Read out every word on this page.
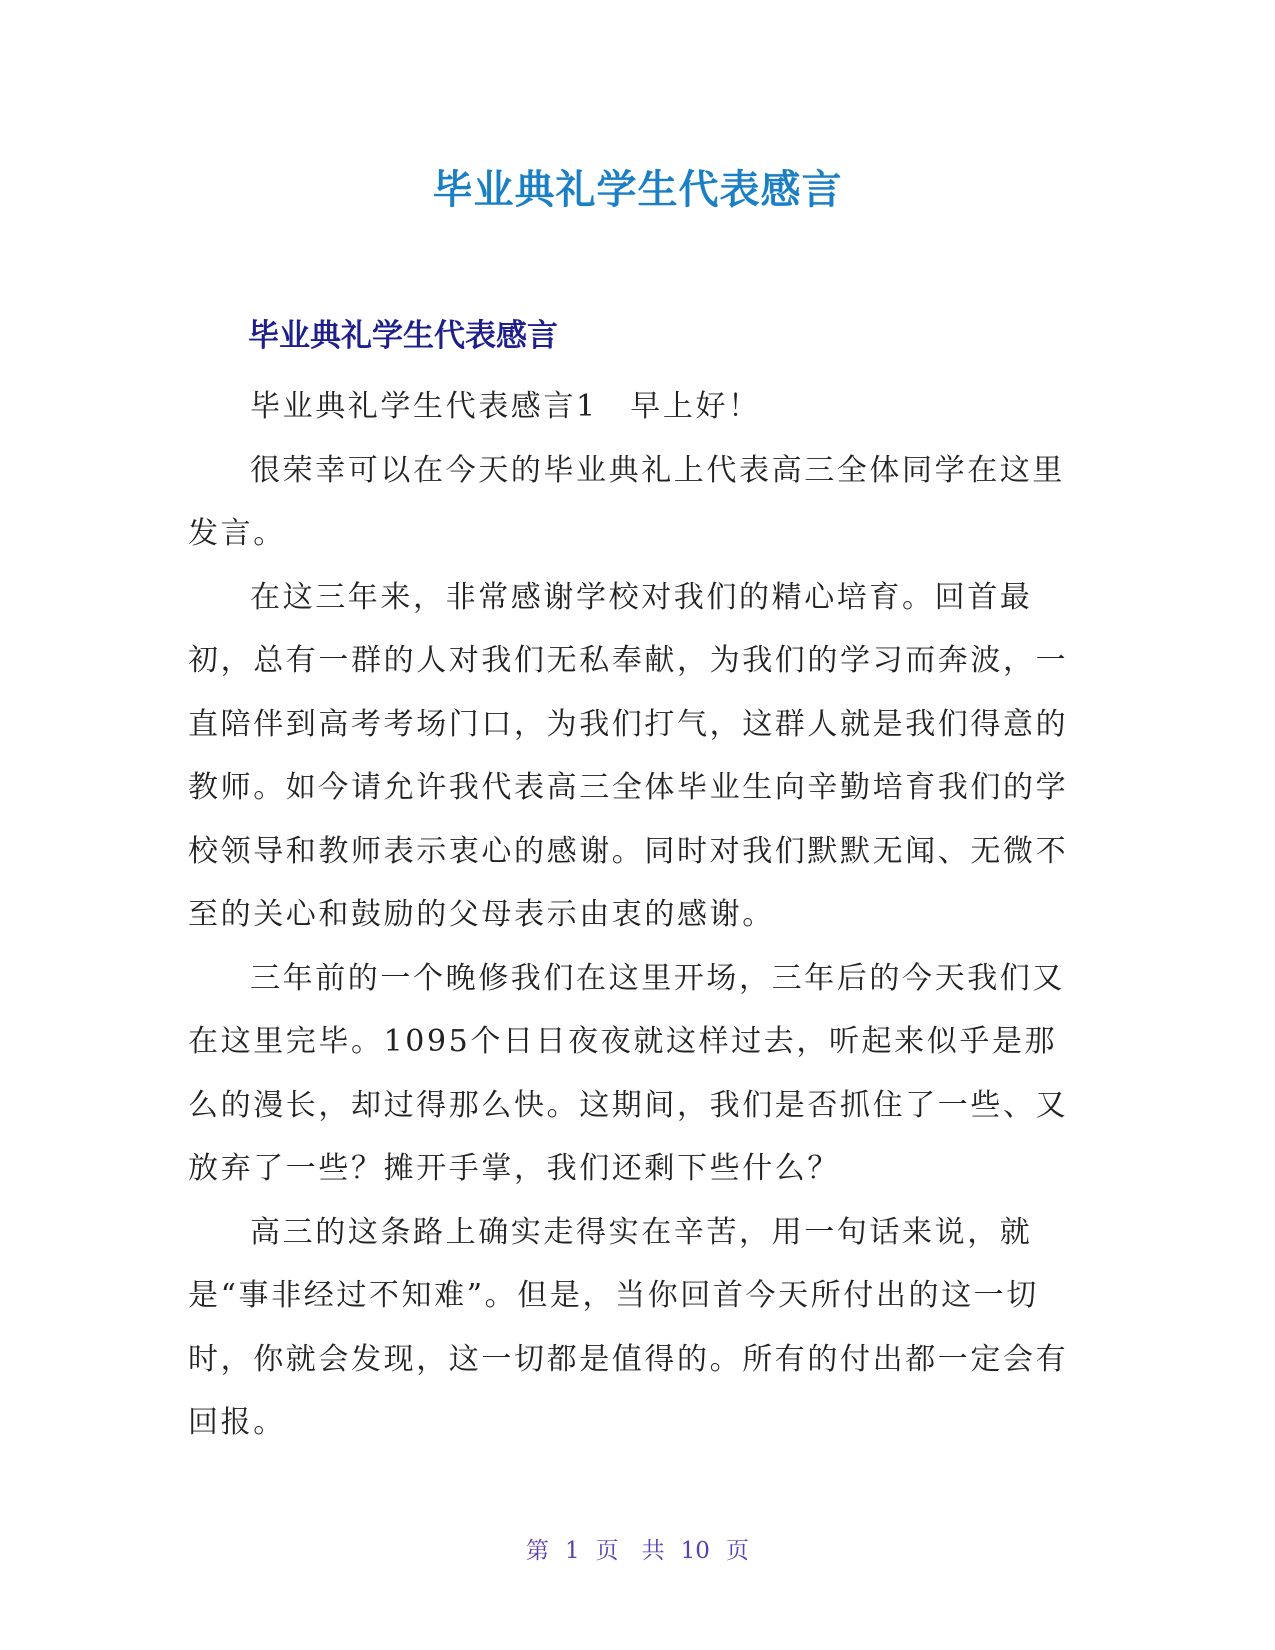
毕业典礼学生代表感言
毕业典礼学生代表感言

毕业典礼学生代表感言1　早上好！

很荣幸可以在今天的毕业典礼上代表高三全体同学在这里发言。

在这三年来，非常感谢学校对我们的精心培育。回首最初，总有一群的人对我们无私奉献，为我们的学习而奔波，一直陪伴到高考考场门口，为我们打气，这群人就是我们得意的教师。如今请允许我代表高三全体毕业生向辛勤培育我们的学校领导和教师表示衷心的感谢。同时对我们默默无闻、无微不至的关心和鼓励的父母表示由衷的感谢。

三年前的一个晚修我们在这里开场，三年后的今天我们又在这里完毕。1095个日日夜夜就这样过去，听起来似乎是那么的漫长，却过得那么快。这期间，我们是否抓住了一些、又放弃了一些？摊开手掌，我们还剩下些什么？

高三的这条路上确实走得实在辛苦，用一句话来说，就是“事非经过不知难”。但是，当你回首今天所付出的这一切时，你就会发现，这一切都是值得的。所有的付出都一定会有回报。

第 1 页　共 10 页
